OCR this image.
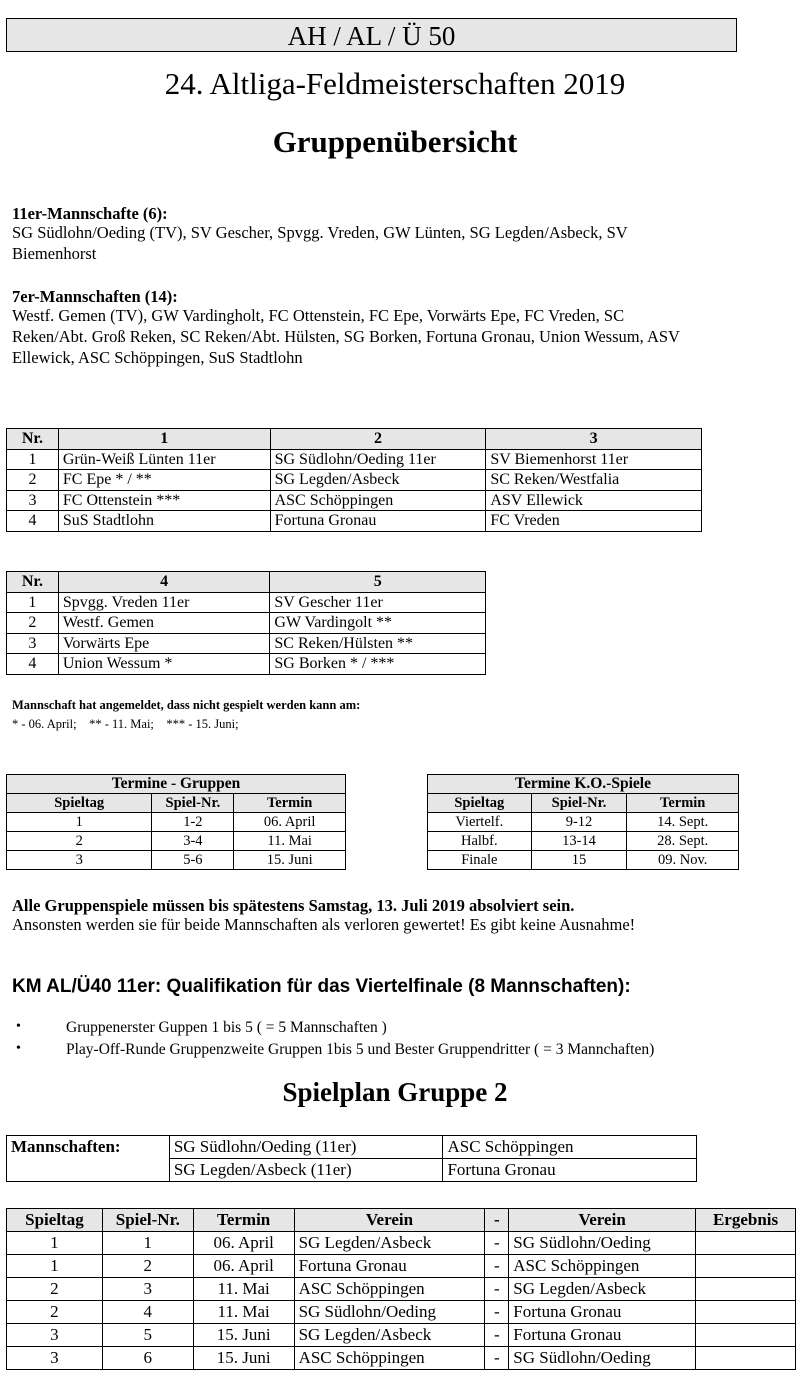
AH / AL / Ü 50
24. Altliga-Feldmeisterschaften 2019
Gruppenübersicht
11er-Mannschafte (6):
SG Südlohn/Oeding (TV), SV Gescher, Spvgg. Vreden, GW Lünten, SG Legden/Asbeck, SV
Biemenhorst
7er-Mannschaften (14):
Westf. Gemen (TV), GW Vardingholt, FC Ottenstein, FC Epe, Vorwärts Epe, FC Vreden, SC
Reken/Abt. Groß Reken, SC Reken/Abt. Hülsten, SG Borken, Fortuna Gronau, Union Wessum, ASV
Ellewick, ASC Schöppingen, SuS Stadtlohn
Nr.	1	2	3
1	Grün-Weiß Lünten 11er	SG Südlohn/Oeding 11er	SV Biemenhorst 11er
2	FC Epe * / **	SG Legden/Asbeck	SC Reken/Westfalia
3	FC Ottenstein ***	ASC Schöppingen	ASV Ellewick
4	SuS Stadtlohn	Fortuna Gronau	FC Vreden
Nr.	4	5
1	Spvgg. Vreden 11er	SV Gescher 11er
2	Westf. Gemen	GW Vardingolt **
3	Vorwärts Epe	SC Reken/Hülsten **
4	Union Wessum *	SG Borken * / ***
Mannschaft hat angemeldet, dass nicht gespielt werden kann am:
* - 06. April;    ** - 11. Mai;    *** - 15. Juni;
Termine - Gruppen		
Spieltag	Spiel-Nr.	Termin
1	1-2	06. April
2	3-4	11. Mai
3	5-6	15. Juni
Termine K.O.-Spiele		
Spieltag	Spiel-Nr.	Termin
Viertelf.	9-12	14. Sept.
Halbf.	13-14	28. Sept.
Finale	15	09. Nov.
Alle Gruppenspiele müssen bis spätestens Samstag, 13. Juli 2019 absolviert sein.
Ansonsten werden sie für beide Mannschaften als verloren gewertet! Es gibt keine Ausnahme!
KM AL/Ü40 11er: Qualifikation für das Viertelfinale (8 Mannschaften):
•	Gruppenerster Guppen 1 bis 5 ( = 5 Mannschaften )
•	Play-Off-Runde Gruppenzweite Gruppen 1bis 5 und Bester Gruppendritter ( = 3 Mannchaften)
Spielplan Gruppe 2
Mannschaften:	SG Südlohn/Oeding (11er)	ASC Schöppingen
	SG Legden/Asbeck (11er)	Fortuna Gronau
Spieltag	Spiel-Nr.	Termin	Verein	-	Verein	Ergebnis
1	1	06. April	SG Legden/Asbeck	-	SG Südlohn/Oeding	
1	2	06. April	Fortuna Gronau	-	ASC Schöppingen	
2	3	11. Mai	ASC Schöppingen	-	SG Legden/Asbeck	
2	4	11. Mai	SG Südlohn/Oeding	-	Fortuna Gronau	
3	5	15. Juni	SG Legden/Asbeck	-	Fortuna Gronau	
3	6	15. Juni	ASC Schöppingen	-	SG Südlohn/Oeding	
